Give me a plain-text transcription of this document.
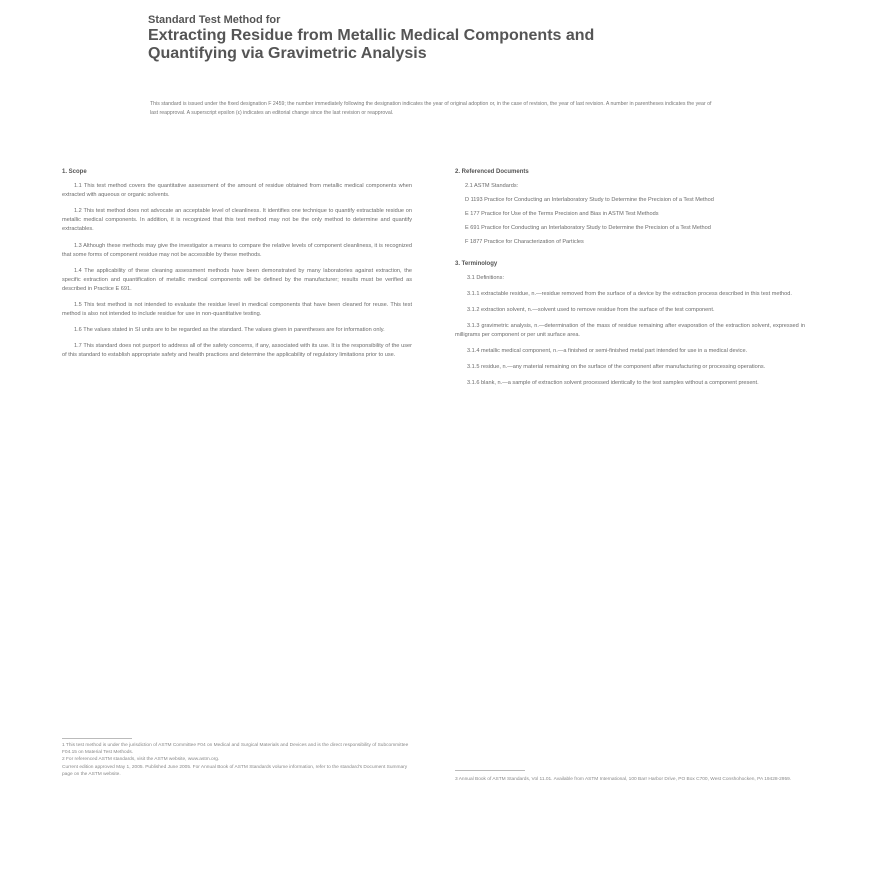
Standard Test Method for

Extracting Residue from Metallic Medical Components and

Quantifying via Gravimetric Analysis

This standard is issued under the fixed designation F 2459; the number immediately following the designation indicates the year of original adoption or, in the case of revision, the year of last revision. A number in parentheses indicates the year of last reapproval. A superscript epsilon (ε) indicates an editorial change since the last revision or reapproval.

1. Scope

1.1 This test method covers the quantitative assessment of the amount of residue obtained from metallic medical components when extracted with aqueous or organic solvents.

1.2 This test method does not advocate an acceptable level of cleanliness. It identifies one technique to quantify extractable residue on metallic medical components. In addition, it is recognized that this test method may not be the only method to determine and quantify extractables.

1.3 Although these methods may give the investigator a means to compare the relative levels of component cleanliness, it is recognized that some forms of component residue may not be accessible by these methods.

1.4 The applicability of these cleaning assessment methods have been demonstrated by many laboratories against extraction, the specific extraction and quantification of metallic medical components will be defined by the manufacturer; results must be verified as described in Practice E 691.

1.5 This test method is not intended to evaluate the residue level in medical components that have been cleaned for reuse. This test method is also not intended to include residue for use in non-quantitative testing.

1.6 The values stated in SI units are to be regarded as the standard. The values given in parentheses are for information only.

1.7 This standard does not purport to address all of the safety concerns, if any, associated with its use. It is the responsibility of the user of this standard to establish appropriate safety and health practices and determine the applicability of regulatory limitations prior to use.

2. Referenced Documents

2.1 ASTM Standards:

D 1193 Practice for Conducting an Interlaboratory Study to Determine the Precision of a Test Method

E 177 Practice for Use of the Terms Precision and Bias in ASTM Test Methods

E 691 Practice for Conducting an Interlaboratory Study to Determine the Precision of a Test Method

F 1877 Practice for Characterization of Particles

3. Terminology

3.1 Definitions:

3.1.1 extractable residue, n.—residue removed from the surface of a device by the extraction process described in this test method.

3.1.2 extraction solvent, n.—solvent used to remove residue from the surface of the test component.

3.1.3 gravimetric analysis, n.—determination of the mass of residue remaining after evaporation of the extraction solvent, expressed in milligrams per component or per unit surface area.

3.1.4 metallic medical component, n.—a finished or semi-finished metal part intended for use in a medical device.

3.1.5 residue, n.—any material remaining on the surface of the component after manufacturing or processing operations.

3.1.6 blank, n.—a sample of extraction solvent processed identically to the test samples without a component present.

1 This test method is under the jurisdiction of ASTM Committee F04 on Medical and Surgical Materials and Devices and is the direct responsibility of Subcommittee F04.15 on Material Test Methods.
2 For referenced ASTM standards, visit the ASTM website, www.astm.org.
Current edition approved May 1, 2005. Published June 2005. For Annual Book of ASTM Standards volume information, refer to the standard's Document Summary page on the ASTM website.
3 Annual Book of ASTM Standards, Vol 11.01. Available from ASTM International, 100 Barr Harbor Drive, PO Box C700, West Conshohocken, PA 19428-2959.
